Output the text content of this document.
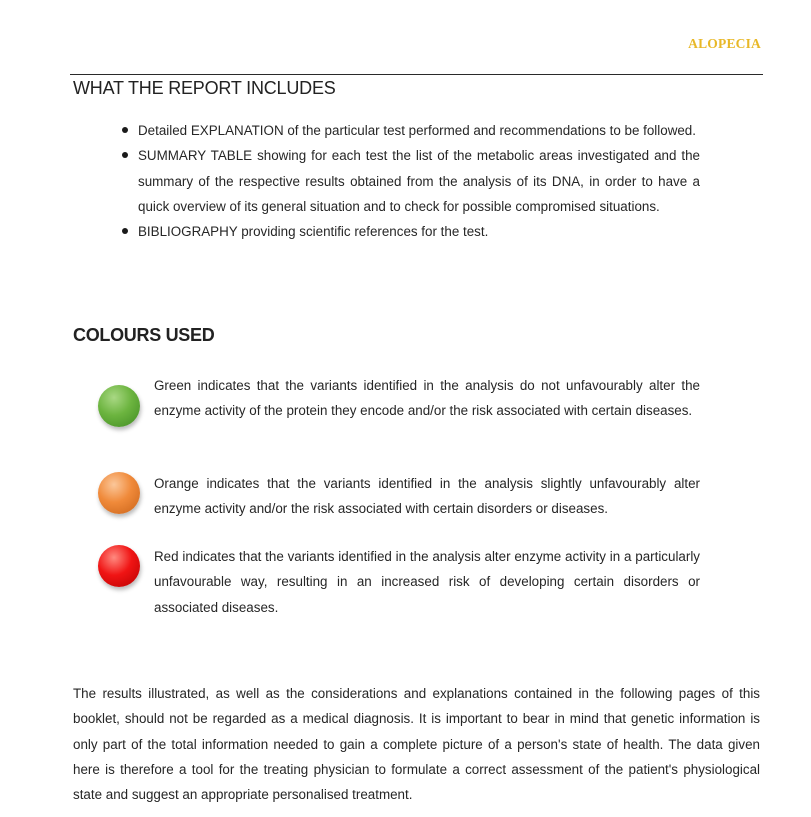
ALOPECIA
WHAT THE REPORT INCLUDES
Detailed EXPLANATION of the particular test performed and recommendations to be followed.
SUMMARY TABLE showing for each test the list of the metabolic areas investigated and the summary of the respective results obtained from the analysis of its DNA, in order to have a quick overview of its general situation and to check for possible compromised situations.
BIBLIOGRAPHY providing scientific references for the test.
COLOURS USED
Green indicates that the variants identified in the analysis do not unfavourably alter the enzyme activity of the protein they encode and/or the risk associated with certain diseases.
Orange indicates that the variants identified in the analysis slightly unfavourably alter enzyme activity and/or the risk associated with certain disorders or diseases.
Red indicates that the variants identified in the analysis alter enzyme activity in a particularly unfavourable way, resulting in an increased risk of developing certain disorders or associated diseases.
The results illustrated, as well as the considerations and explanations contained in the following pages of this booklet, should not be regarded as a medical diagnosis. It is important to bear in mind that genetic information is only part of the total information needed to gain a complete picture of a person's state of health. The data given here is therefore a tool for the treating physician to formulate a correct assessment of the patient's physiological state and suggest an appropriate personalised treatment.
